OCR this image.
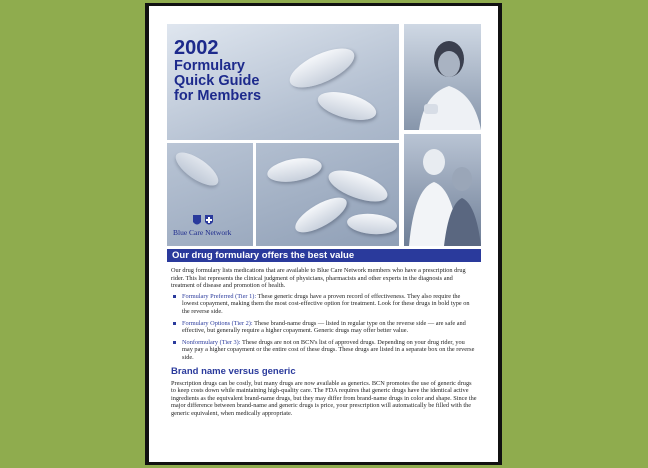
2002
Formulary
Quick Guide
for Members
Blue Care Network
Our drug formulary offers the best value

Our drug formulary lists medications that are available to Blue Care Network members who have a prescription drug rider. This list represents the clinical judgment of physicians, pharmacists and other experts in the diagnosis and treatment of disease and promotion of health.

Formulary Preferred (Tier 1): These generic drugs have a proven record of effectiveness. They also require the lowest copayment, making them the most cost-effective option for treatment. Look for these drugs in bold type on the reverse side.
Formulary Options (Tier 2): These brand-name drugs — listed in regular type on the reverse side — are safe and effective, but generally require a higher copayment. Generic drugs may offer better value.
Nonformulary (Tier 3): These drugs are not on BCN's list of approved drugs. Depending on your drug rider, you may pay a higher copayment or the entire cost of these drugs. These drugs are listed in a separate box on the reverse side.
Brand name versus generic

Prescription drugs can be costly, but many drugs are now available as generics. BCN promotes the use of generic drugs to keep costs down while maintaining high-quality care. The FDA requires that generic drugs have the identical active ingredients as the equivalent brand-name drugs, but they may differ from brand-name drugs in color and shape. Since the major difference between brand-name and generic drugs is price, your prescription will automatically be filled with the generic equivalent, when medically appropriate.
